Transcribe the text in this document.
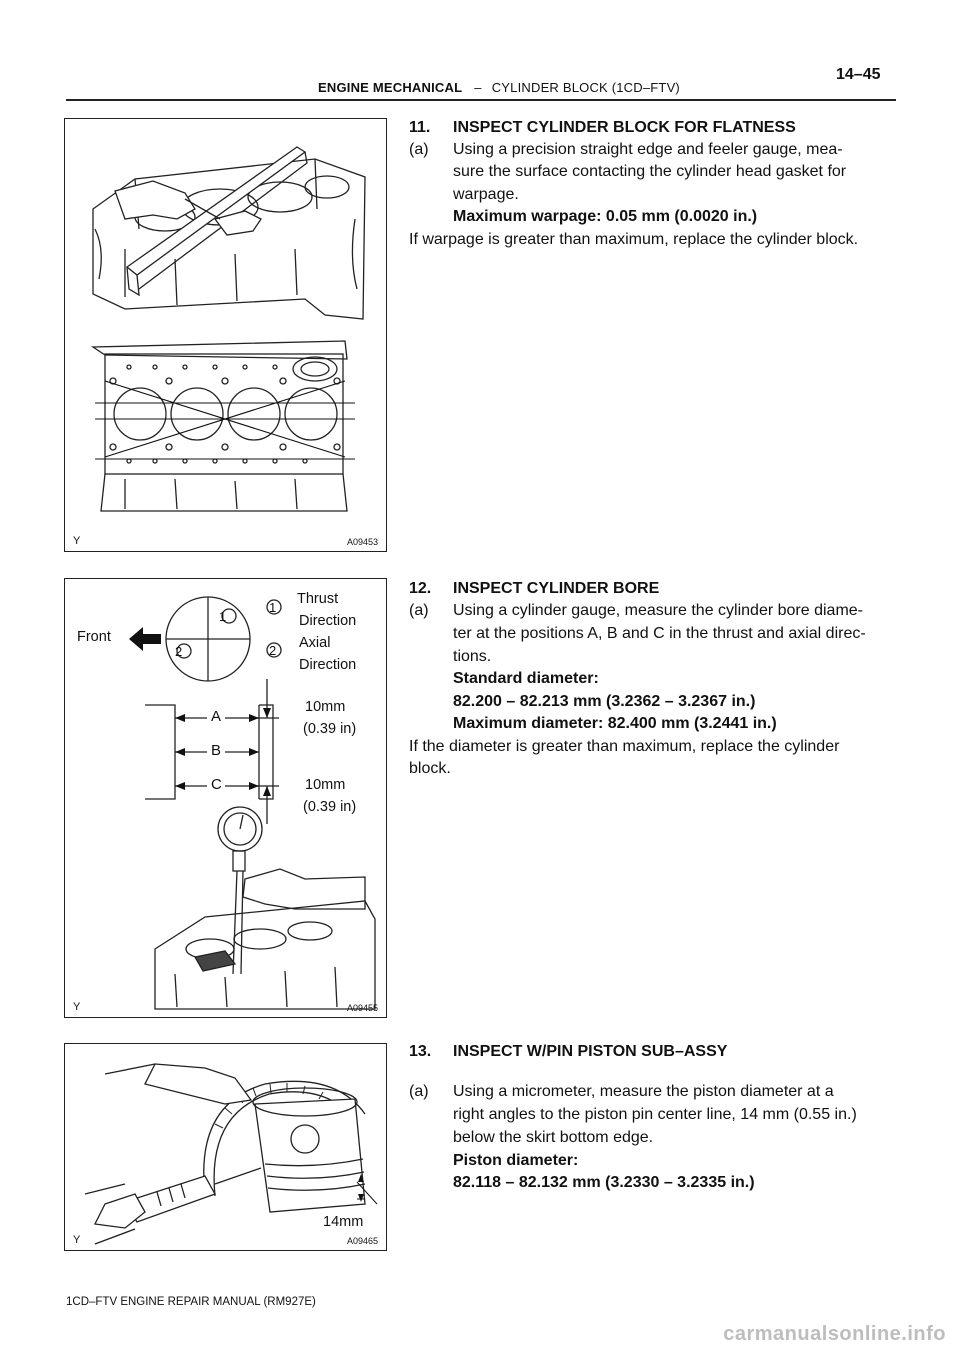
14–45
ENGINE MECHANICAL – CYLINDER BLOCK (1CD–FTV)
Y	A09453
1
2
1
2
Thrust
Direction
Axial
Direction
Front
A
B
C
10mm
(0.39 in)
10mm
(0.39 in)
Y	A09455
14mm
Y	A09465
11. INSPECT CYLINDER BLOCK FOR FLATNESS
(a) Using a precision straight edge and feeler gauge, mea-
sure the surface contacting the cylinder head gasket for
warpage.
Maximum warpage: 0.05 mm (0.0020 in.)
If warpage is greater than maximum, replace the cylinder block.
12. INSPECT CYLINDER BORE
(a) Using a cylinder gauge, measure the cylinder bore diame-
ter at the positions A, B and C in the thrust and axial direc-
tions.
Standard diameter:
82.200 – 82.213 mm (3.2362 – 3.2367 in.)
Maximum diameter: 82.400 mm (3.2441 in.)
If the diameter is greater than maximum, replace the cylinder
block.
13. INSPECT W/PIN PISTON SUB–ASSY
(a) Using a micrometer, measure the piston diameter at a
right angles to the piston pin center line, 14 mm (0.55 in.)
below the skirt bottom edge.
Piston diameter:
82.118 – 82.132 mm (3.2330 – 3.2335 in.)
1CD–FTV ENGINE REPAIR MANUAL (RM927E)
carmanualsonline.info
